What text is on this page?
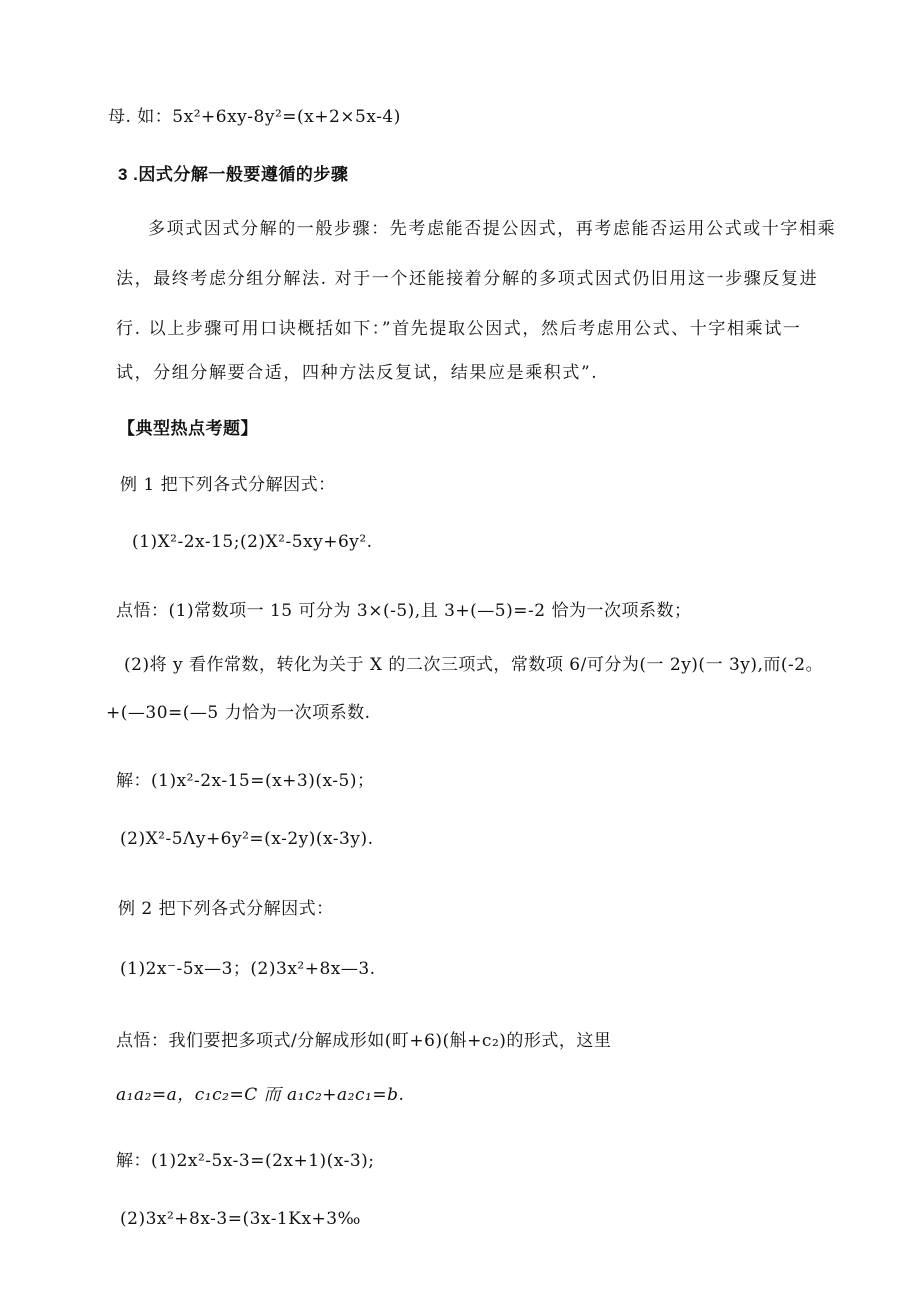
母. 如：5x²+6xy-8y²=(x+2×5x-4)
3 .因式分解一般要遵循的步骤
多项式因式分解的一般步骤：先考虑能否提公因式，再考虑能否运用公式或十字相乘
法，最终考虑分组分解法. 对于一个还能接着分解的多项式因式仍旧用这一步骤反复进
行. 以上步骤可用口诀概括如下：”首先提取公因式，然后考虑用公式、十字相乘试一
试，分组分解要合适，四种方法反复试，结果应是乘积式”.
【典型热点考题】
例 1 把下列各式分解因式：
(1)X²-2x-15;(2)X²-5xy+6y².
点悟：(1)常数项一 15 可分为 3×(-5),且 3+(—5)=-2 恰为一次项系数；
(2)将 y 看作常数，转化为关于 X 的二次三项式，常数项 6/可分为(一 2y)(一 3y),而(-2。
+(—30=(—5 力恰为一次项系数.
解：(1)x²-2x-15=(x+3)(x-5)；
(2)X²-5Λy+6y²=(x-2y)(x-3y).
例 2 把下列各式分解因式：
(1)2x⁻-5x—3；(2)3x²+8x—3.
点悟：我们要把多项式/分解成形如(町+6)(斛+c₂)的形式，这里
a₁a₂=a，c₁c₂=C 而 a₁c₂+a₂c₁=b.
解：(1)2x²-5x-3=(2x+1)(x-3);
(2)3x²+8x-3=(3x-1Kx+3‰
